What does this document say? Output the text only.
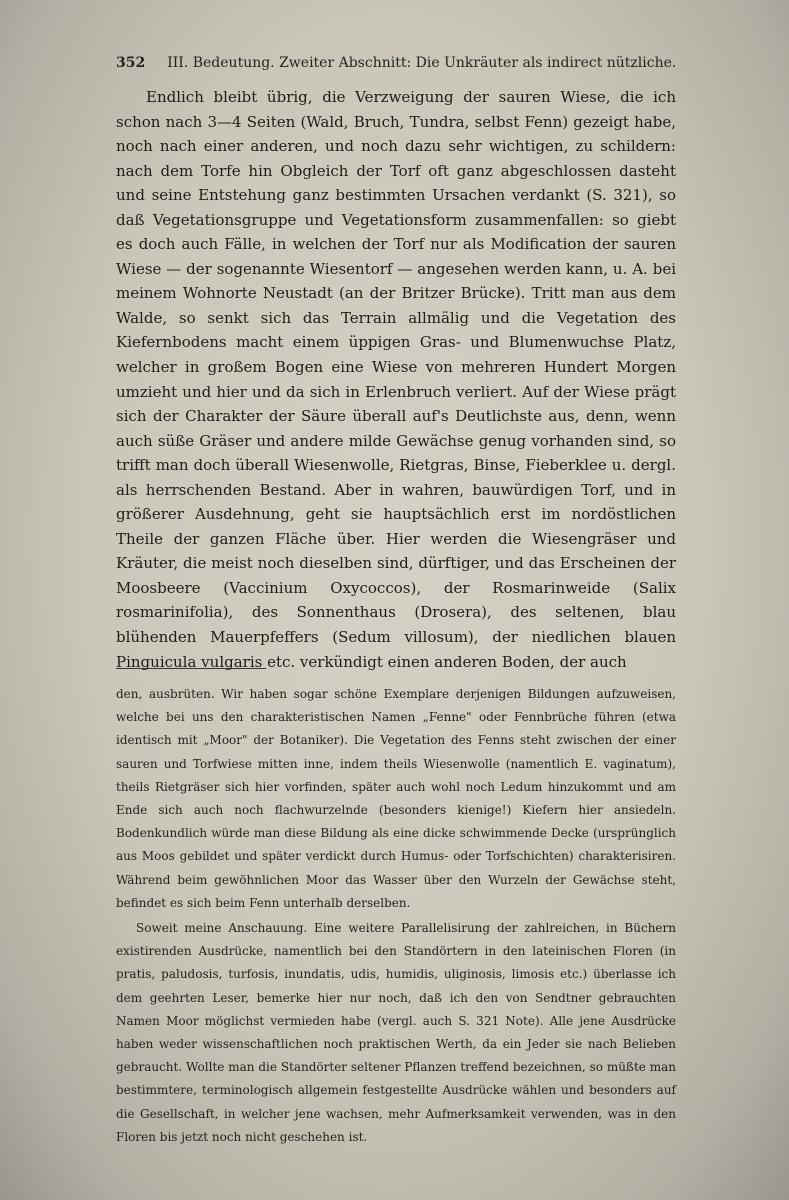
352 III. Bedeutung. Zweiter Abschnitt: Die Unkräuter als indirect nützliche.

Endlich bleibt übrig, die Verzweigung der sauren Wiese, die ich schon nach 3—4 Seiten (Wald, Bruch, Tundra, selbst Fenn) gezeigt habe, noch nach einer anderen, und noch dazu sehr wichtigen, zu schildern: nach dem Torfe hin Obgleich der Torf oft ganz abgeschlossen dasteht und seine Entstehung ganz bestimmten Ursachen verdankt (S. 321), so daß Vegetationsgruppe und Vegetationsform zusammenfallen: so giebt es doch auch Fälle, in welchen der Torf nur als Modification der sauren Wiese — der sogenannte Wiesentorf — angesehen werden kann, u. A. bei meinem Wohnorte Neustadt (an der Britzer Brücke). Tritt man aus dem Walde, so senkt sich das Terrain allmälig und die Vegetation des Kiefernbodens macht einem üppigen Gras- und Blumenwuchse Platz, welcher in großem Bogen eine Wiese von mehreren Hundert Morgen umzieht und hier und da sich in Erlenbruch verliert. Auf der Wiese prägt sich der Charakter der Säure überall auf's Deutlichste aus, denn, wenn auch süße Gräser und andere milde Gewächse genug vorhanden sind, so trifft man doch überall Wiesenwolle, Rietgras, Binse, Fieberklee u. dergl. als herrschenden Bestand. Aber in wahren, bauwürdigen Torf, und in größerer Ausdehnung, geht sie hauptsächlich erst im nordöstlichen Theile der ganzen Fläche über. Hier werden die Wiesengräser und Kräuter, die meist noch dieselben sind, dürftiger, und das Erscheinen der Moosbeere (Vaccinium Oxycoccos), der Rosmarinweide (Salix rosmarinifolia), des Sonnenthaus (Drosera), des seltenen, blau blühenden Mauerpfeffers (Sedum villosum), der niedlichen blauen Pinguicula vulgaris etc. verkündigt einen anderen Boden, der auch

den, ausbrüten. Wir haben sogar schöne Exemplare derjenigen Bildungen aufzuweisen, welche bei uns den charakteristischen Namen „Fenne" oder Fennbrüche führen (etwa identisch mit „Moor" der Botaniker). Die Vegetation des Fenns steht zwischen der einer sauren und Torfwiese mitten inne, indem theils Wiesenwolle (namentlich E. vaginatum), theils Rietgräser sich hier vorfinden, später auch wohl noch Ledum hinzukommt und am Ende sich auch noch flachwurzelnde (besonders kienige!) Kiefern hier ansiedeln. Bodenkundlich würde man diese Bildung als eine dicke schwimmende Decke (ursprünglich aus Moos gebildet und später verdickt durch Humus- oder Torfschichten) charakterisiren. Während beim gewöhnlichen Moor das Wasser über den Wurzeln der Gewächse steht, befindet es sich beim Fenn unterhalb derselben.

Soweit meine Anschauung. Eine weitere Parallelisirung der zahlreichen, in Büchern existirenden Ausdrücke, namentlich bei den Standörtern in den lateinischen Floren (in pratis, paludosis, turfosis, inundatis, udis, humidis, uliginosis, limosis etc.) überlasse ich dem geehrten Leser, bemerke hier nur noch, daß ich den von Sendtner gebrauchten Namen Moor möglichst vermieden habe (vergl. auch S. 321 Note). Alle jene Ausdrücke haben weder wissenschaftlichen noch praktischen Werth, da ein Jeder sie nach Belieben gebraucht. Wollte man die Standörter seltener Pflanzen treffend bezeichnen, so müßte man bestimmtere, terminologisch allgemein festgestellte Ausdrücke wählen und besonders auf die Gesellschaft, in welcher jene wachsen, mehr Aufmerksamkeit verwenden, was in den Floren bis jetzt noch nicht geschehen ist.
